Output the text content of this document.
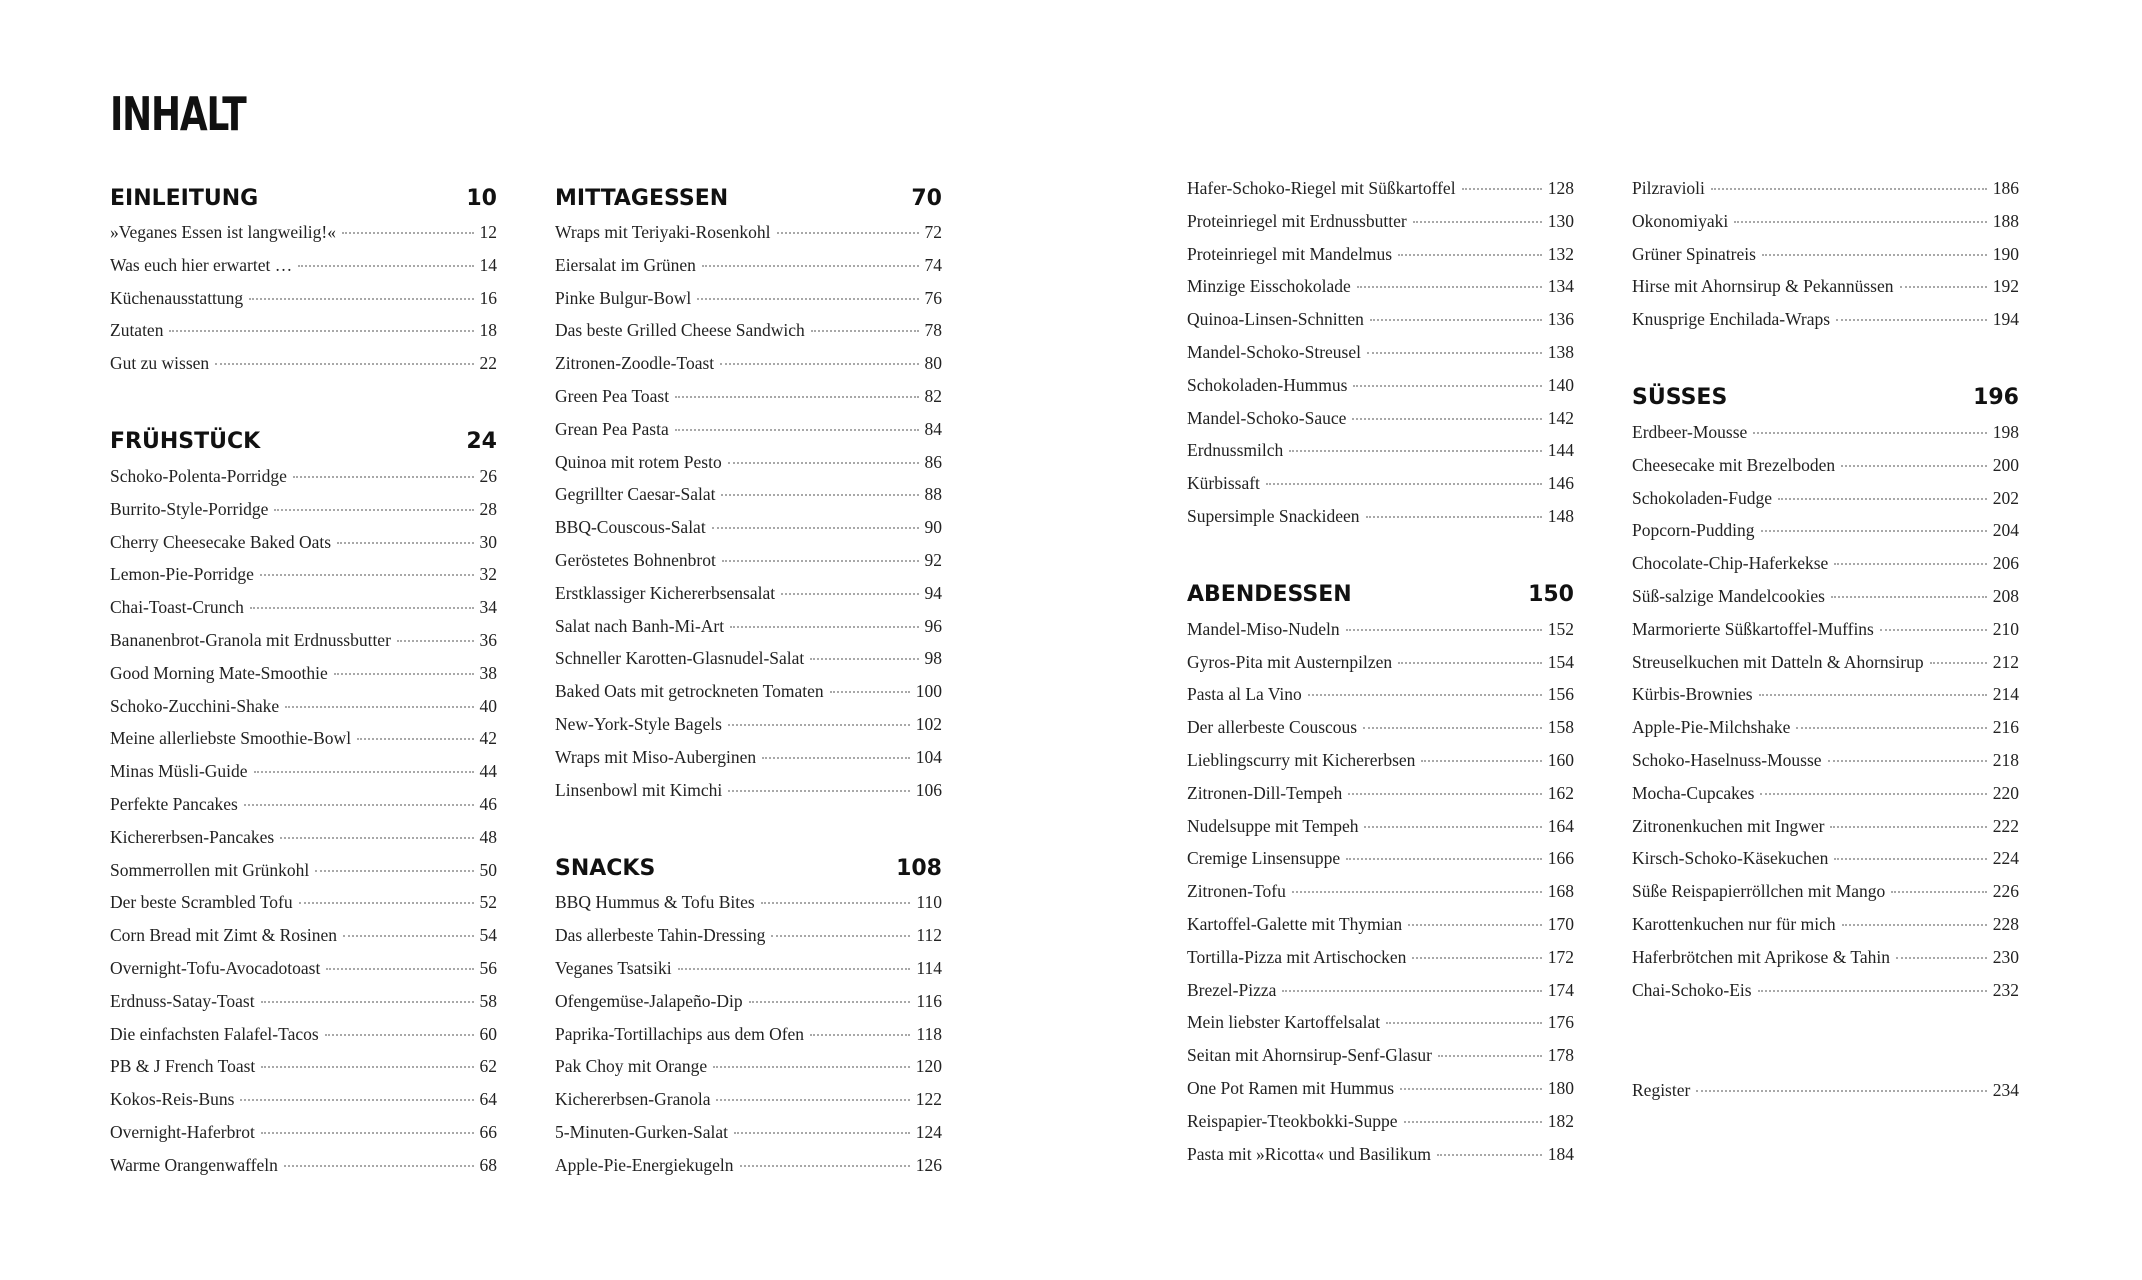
INHALT
EINLEITUNG	10
»Veganes Essen ist langweilig!«	12
Was euch hier erwartet …	14
Küchenausstattung	16
Zutaten	18
Gut zu wissen	22
FRÜHSTÜCK	24
Schoko-Polenta-Porridge	26
Burrito-Style-Porridge	28
Cherry Cheesecake Baked Oats	30
Lemon-Pie-Porridge	32
Chai-Toast-Crunch	34
Bananenbrot-Granola mit Erdnussbutter	36
Good Morning Mate-Smoothie	38
Schoko-Zucchini-Shake	40
Meine allerliebste Smoothie-Bowl	42
Minas Müsli-Guide	44
Perfekte Pancakes	46
Kichererbsen-Pancakes	48
Sommerrollen mit Grünkohl	50
Der beste Scrambled Tofu	52
Corn Bread mit Zimt & Rosinen	54
Overnight-Tofu-Avocadotoast	56
Erdnuss-Satay-Toast	58
Die einfachsten Falafel-Tacos	60
PB & J French Toast	62
Kokos-Reis-Buns	64
Overnight-Haferbrot	66
Warme Orangenwaffeln	68
MITTAGESSEN	70
Wraps mit Teriyaki-Rosenkohl	72
Eiersalat im Grünen	74
Pinke Bulgur-Bowl	76
Das beste Grilled Cheese Sandwich	78
Zitronen-Zoodle-Toast	80
Green Pea Toast	82
Grean Pea Pasta	84
Quinoa mit rotem Pesto	86
Gegrillter Caesar-Salat	88
BBQ-Couscous-Salat	90
Geröstetes Bohnenbrot	92
Erstklassiger Kichererbsensalat	94
Salat nach Banh-Mi-Art	96
Schneller Karotten-Glasnudel-Salat	98
Baked Oats mit getrockneten Tomaten	100
New-York-Style Bagels	102
Wraps mit Miso-Auberginen	104
Linsenbowl mit Kimchi	106
SNACKS	108
BBQ Hummus & Tofu Bites	110
Das allerbeste Tahin-Dressing	112
Veganes Tsatsiki	114
Ofengemüse-Jalapeño-Dip	116
Paprika-Tortillachips aus dem Ofen	118
Pak Choy mit Orange	120
Kichererbsen-Granola	122
5-Minuten-Gurken-Salat	124
Apple-Pie-Energiekugeln	126
Hafer-Schoko-Riegel mit Süßkartoffel	128
Proteinriegel mit Erdnussbutter	130
Proteinriegel mit Mandelmus	132
Minzige Eisschokolade	134
Quinoa-Linsen-Schnitten	136
Mandel-Schoko-Streusel	138
Schokoladen-Hummus	140
Mandel-Schoko-Sauce	142
Erdnussmilch	144
Kürbissaft	146
Supersimple Snackideen	148
ABENDESSEN	150
Mandel-Miso-Nudeln	152
Gyros-Pita mit Austernpilzen	154
Pasta al La Vino	156
Der allerbeste Couscous	158
Lieblingscurry mit Kichererbsen	160
Zitronen-Dill-Tempeh	162
Nudelsuppe mit Tempeh	164
Cremige Linsensuppe	166
Zitronen-Tofu	168
Kartoffel-Galette mit Thymian	170
Tortilla-Pizza mit Artischocken	172
Brezel-Pizza	174
Mein liebster Kartoffelsalat	176
Seitan mit Ahornsirup-Senf-Glasur	178
One Pot Ramen mit Hummus	180
Reispapier-Tteokbokki-Suppe	182
Pasta mit »Ricotta« und Basilikum	184
Pilzravioli	186
Okonomiyaki	188
Grüner Spinatreis	190
Hirse mit Ahornsirup & Pekannüssen	192
Knusprige Enchilada-Wraps	194
SÜSSES	196
Erdbeer-Mousse	198
Cheesecake mit Brezelboden	200
Schokoladen-Fudge	202
Popcorn-Pudding	204
Chocolate-Chip-Haferkekse	206
Süß-salzige Mandelcookies	208
Marmorierte Süßkartoffel-Muffins	210
Streuselkuchen mit Datteln & Ahornsirup	212
Kürbis-Brownies	214
Apple-Pie-Milchshake	216
Schoko-Haselnuss-Mousse	218
Mocha-Cupcakes	220
Zitronenkuchen mit Ingwer	222
Kirsch-Schoko-Käsekuchen	224
Süße Reispapierröllchen mit Mango	226
Karottenkuchen nur für mich	228
Haferbrötchen mit Aprikose & Tahin	230
Chai-Schoko-Eis	232
Register	234
